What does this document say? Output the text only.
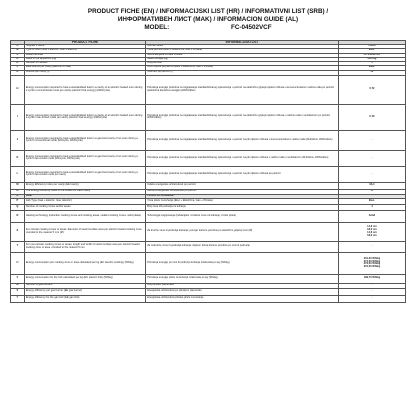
PRODUCT FICHE (EN) / INFORMACIJSKI LIST (HR) / INFORMATIVNI LIST (SRB) /
ИНФОРМАТИВЕН ЛИСТ (MAK) / INFORMACION GUIDE (AL)
MODEL:	FC-04502VCF
	PRODUCT FICHE	INFORMACIJSKI LIST	
A	Supplier's name	Robna marka	VIVAX
B	Type of oven (Gas + Electric, Gas + Electric)	Vrsta pećnice (Elec + Električna, Gas + Plinska)	Elec.
C	Model identifier	Identifikacijska oznaka modela	FC-04502VCF
D	Mass of the appliance (kg)	Masa uređaja (kg)	28.6 kg
E	Number of cavities	Broj pećnica	1
F	Heat source per cavity (Electric or Gas)	Izvor topline po pećnici (Elec + Električna, Gas + Plinska)	Elec.
G	Volume per cavity (l)	Volumen po pećnici (l)	52
H	Energy consumption required to heat a standardised load in a cavity of an electric heated oven during a cycle in conventional mode per cavity (electric final energy) (kWh/cycle)	Potrošnja energije potrebna za zagrijavanje standardiziranog opterećenja u pećnici na električno grijanje tijekom ciklusa u konvencionalnom načinu rada po pećnici (električna konačna energija) (kWh/ciklus)	0,72
I	Energy consumption required to heat a standardised load in a cavity of an electric heated oven during a cycle in fan-forced mode per cavity (electric final energy) (kWh/cycle)	Potrošnja energije potrebna za zagrijavanje standardiziranog opterećenja u pećnici na električno grijanje tijekom ciklusa u načinu rada s ventilatorom po pećnici (kWh/ciklus)	0,79
J	Energy consumption required to heat a standardised load in a gas-fired cavity of an oven during a cycle in conventional mode (MJ/cycle, kWh/cycle)	Potrošnja energije potrebna za zagrijavanje standardiziranog opterećenja u pećnici na plin tijekom ciklusa u konvencionalnom načinu rada (MJ/ciklus, kWh/ciklus)	-
K	Energy consumption required to heat a standardised load in a gas-fired cavity of an oven during a cycle in fan-forced mode (MJ/cycle, kWh/cycle)	Potrošnja energije potrebna za zagrijavanje standardiziranog opterećenja u pećnici na plin tijekom ciklusa u načinu rada s ventilatorom (MJ/ciklus, kWh/ciklus)	-
L	Energy consumption required to heat a standardised load in a gas-fired cavity of an oven during a cycle in fan-forced mode per cavity	Potrošnja energije potrebna za zagrijavanje standardiziranog opterećenja u pećnici na plin tijekom ciklusa po pećnici	-
M	Energy Efficiency Index per cavity (EEI cavity)	Indeks energetske učinkovitosti po pećnici	93,4
N	The energy efficiency class of the cooker for each cavity	Razred energetske učinkovitosti po pećnici	A
O	HOB	PLOČA ZA KUHANJE	
P	Hob Type (Gas + Electric, Gas, Electric)	Vrsta ploče za kuhanje (Elec + Električna, Gas + Plinska)	Elec.
Q	Number of cooking zones and/or areas	Broj zona i/ili područja za kuhanje	4
R	Heating technology (induction cooking zones and cooking areas, radiant cooking zones, solid plates)	Tehnologija zagrijavanja (indukcijske i zračeće zone za kuhanje, čvrste ploče)	Solid
S	For circular cooking zones or areas: diameter of useful surface area per electric heated cooking zone, rounded to the nearest 5 mm (Ø)	Za kružne zone ili područja kuhanja: promjer korisne površine po električno grijanoj zoni (Ø)	14,8 cm
18,0 cm
14,8 cm
18,0 cm
T	For non-circular cooking zones or areas: length and width of useful surface area per electric heated cooking zone or area, rounded to the nearest 5 mm	Za nekružne zone ili područja kuhanja: duljina i širina korisne površine po zoni ili području	-
U	Energy consumption per cooking zone or area calculated per kg (EC electric cooking) (Wh/kg)	Potrošnja energije po zoni ili području kuhanja izračunata po kg (Wh/kg)	201,00 Wh/kg
274,00 Wh/kg
279,00 Wh/kg
201,00 Wh/kg
V	Energy consumption for the hob calculated per kg (EC electric hob) (Wh/kg)	Potrošnja energije ploče za kuhanje izračunata po kg (Wh/kg)	189,70 Wh/kg
W	Number of gas burners	Broj plinskih plamenika	-
X	Energy efficiency per gas burner (EE gas burner)	Energetska učinkovitost po plinskom plameniku	-
Y	Energy efficiency for the gas hob (EE gas hob)	Energetska učinkovitost plinske ploče za kuhanje	-
